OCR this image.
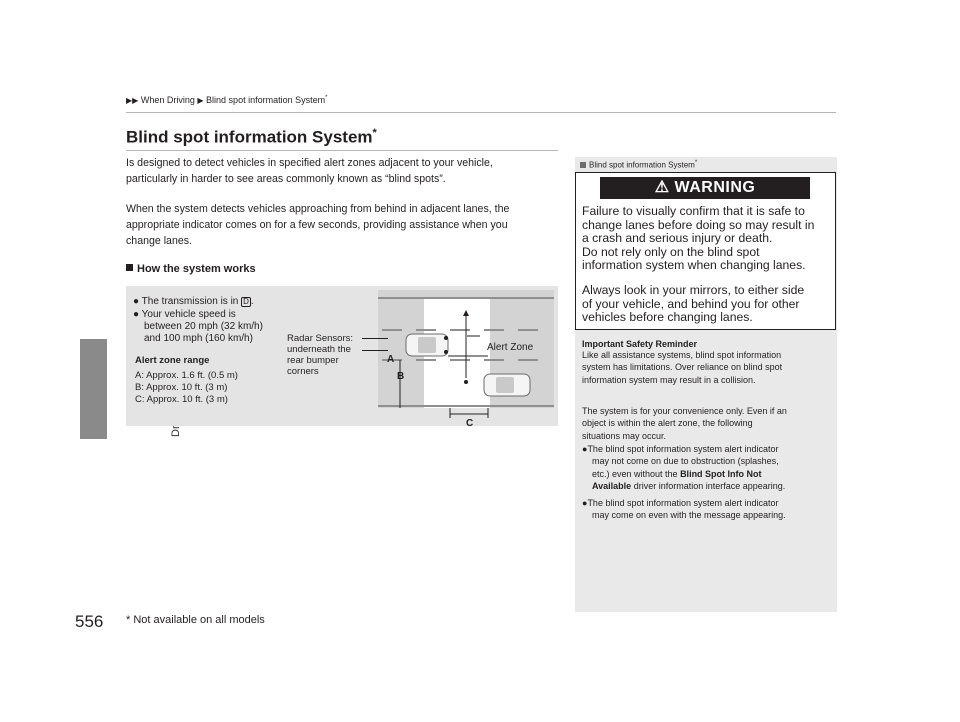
▶▶ When Driving ▶ Blind spot information System*
Blind spot information System*
Is designed to detect vehicles in specified alert zones adjacent to your vehicle,
particularly in harder to see areas commonly known as “blind spots”.
When the system detects vehicles approaching from behind in adjacent lanes, the
appropriate indicator comes on for a few seconds, providing assistance when you
change lanes.
How the system works
● The transmission is in D .
● Your vehicle speed is
between 20 mph (32 km/h)
and 100 mph (160 km/h)
Alert zone range
A: Approx. 1.6 ft. (0.5 m)
B: Approx. 10 ft. (3 m)
C: Approx. 10 ft. (3 m)
Radar Sensors:
underneath the
rear bumper
corners
A
B
C
Alert Zone
Blind spot information System*
⚠ WARNING
Failure to visually confirm that it is safe to
change lanes before doing so may result in
a crash and serious injury or death.
Do not rely only on the blind spot
information system when changing lanes.
Always look in your mirrors, to either side
of your vehicle, and behind you for other
vehicles before changing lanes.
Important Safety Reminder
Like all assistance systems, blind spot information
system has limitations. Over reliance on blind spot
information system may result in a collision.
The system is for your convenience only. Even if an
object is within the alert zone, the following
situations may occur.
●The blind spot information system alert indicator
may not come on due to obstruction (splashes,
etc.) even without the Blind Spot Info Not
Available driver information interface appearing.
●The blind spot information system alert indicator
may come on even with the message appearing.
556 * Not available on all models
